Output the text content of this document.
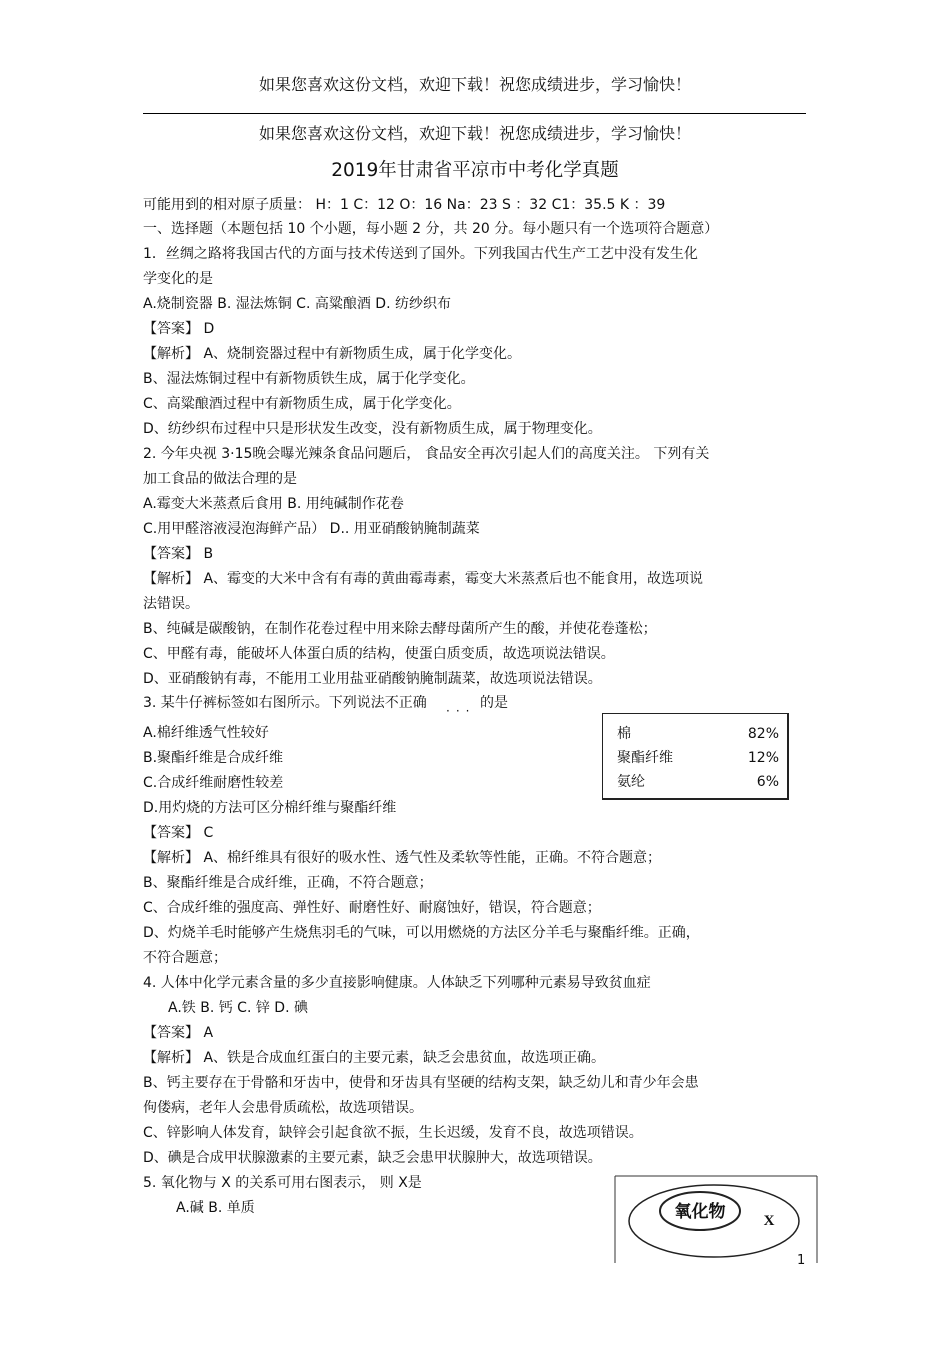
如果您喜欢这份文档，欢迎下载！祝您成绩进步，学习愉快！
如果您喜欢这份文档，欢迎下载！祝您成绩进步，学习愉快！
2019年甘肃省平凉市中考化学真题
可能用到的相对原子质量： H：1 C：12 O：16 Na：23 S ：32 C1：35.5 K ：39
一、选择题（本题包括 10 个小题，每小题 2 分，共 20 分。每小题只有一个选项符合题意）
1．丝绸之路将我国古代的方面与技术传送到了国外。下列我国古代生产工艺中没有发生化
学变化的是
A.烧制瓷器 B. 湿法炼铜 C. 高粱酿酒 D. 纺纱织布
【答案】 D
【解析】 A、烧制瓷器过程中有新物质生成，属于化学变化。
B、湿法炼铜过程中有新物质铁生成，属于化学变化。
C、高粱酿酒过程中有新物质生成，属于化学变化。
D、纺纱织布过程中只是形状发生改变，没有新物质生成，属于物理变化。
2. 今年央视 3·15晚会曝光辣条食品问题后， 食品安全再次引起人们的高度关注。 下列有关
加工食品的做法合理的是
A.霉变大米蒸煮后食用 B. 用纯碱制作花卷
C.用甲醛溶液浸泡海鲜产品） D.. 用亚硝酸钠腌制蔬菜
【答案】 B
【解析】 A、霉变的大米中含有有毒的黄曲霉毒素，霉变大米蒸煮后也不能食用，故选项说
法错误。
B、纯碱是碳酸钠，在制作花卷过程中用来除去酵母菌所产生的酸，并使花卷蓬松；
C、甲醛有毒，能破坏人体蛋白质的结构，使蛋白质变质，故选项说法错误。
D、亚硝酸钠有毒，不能用工业用盐亚硝酸钠腌制蔬菜，故选项说法错误。
3. 某牛仔裤标签如右图所示。下列说法不正确 ··· 的是
A.棉纤维透气性较好
B.聚酯纤维是合成纤维
C.合成纤维耐磨性较差
D.用灼烧的方法可区分棉纤维与聚酯纤维
棉	82%
聚酯纤维	12%
氨纶	6%
【答案】 C
【解析】 A、棉纤维具有很好的吸水性、透气性及柔软等性能，正确。不符合题意；
B、聚酯纤维是合成纤维，正确，不符合题意；
C、合成纤维的强度高、弹性好、耐磨性好、耐腐蚀好，错误，符合题意；
D、灼烧羊毛时能够产生烧焦羽毛的气味，可以用燃烧的方法区分羊毛与聚酯纤维。正确，
不符合题意；
4. 人体中化学元素含量的多少直接影响健康。人体缺乏下列哪种元素易导致贫血症
A.铁 B. 钙 C. 锌 D. 碘
【答案】 A
【解析】 A、铁是合成血红蛋白的主要元素，缺乏会患贫血，故选项正确。
B、钙主要存在于骨骼和牙齿中，使骨和牙齿具有坚硬的结构支架，缺乏幼儿和青少年会患
佝偻病，老年人会患骨质疏松，故选项错误。
C、锌影响人体发育，缺锌会引起食欲不振，生长迟缓，发育不良，故选项错误。
D、碘是合成甲状腺激素的主要元素，缺乏会患甲状腺肿大，故选项错误。
5. 氧化物与 X 的关系可用右图表示， 则 X是
A.碱 B. 单质	氧化物	X
1
